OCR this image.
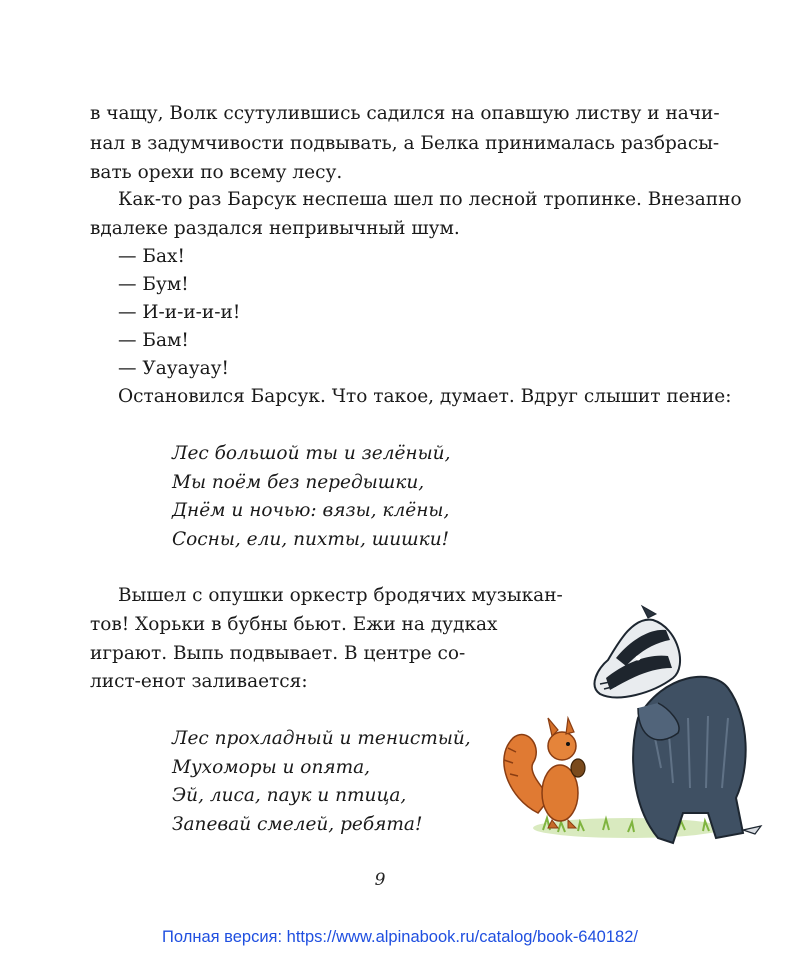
в чащу, Волк ссутулившись садился на опавшую листву и начи-
нал в задумчивости подвывать, а Белка принималась разбрасы-
вать орехи по всему лесу.
Как-то раз Барсук неспеша шел по лесной тропинке. Внезапно
вдалеке раздался непривычный шум.
— Бах!
— Бум!
— И-и-и-и-и!
— Бам!
— Уауауау!
Остановился Барсук. Что такое, думает. Вдруг слышит пение:
Лес большой ты и зелёный,
Мы поём без передышки,
Днём и ночью: вязы, клёны,
Сосны, ели, пихты, шишки!
Вышел с опушки оркестр бродячих музыкан-
тов! Хорьки в бубны бьют. Ежи на дудках
играют. Выпь подвывает. В центре со-
лист-енот заливается:
Лес прохладный и тенистый,
Мухоморы и опята,
Эй, лиса, паук и птица,
Запевай смелей, ребята!
9
Полная версия: https://www.alpinabook.ru/catalog/book-640182/
